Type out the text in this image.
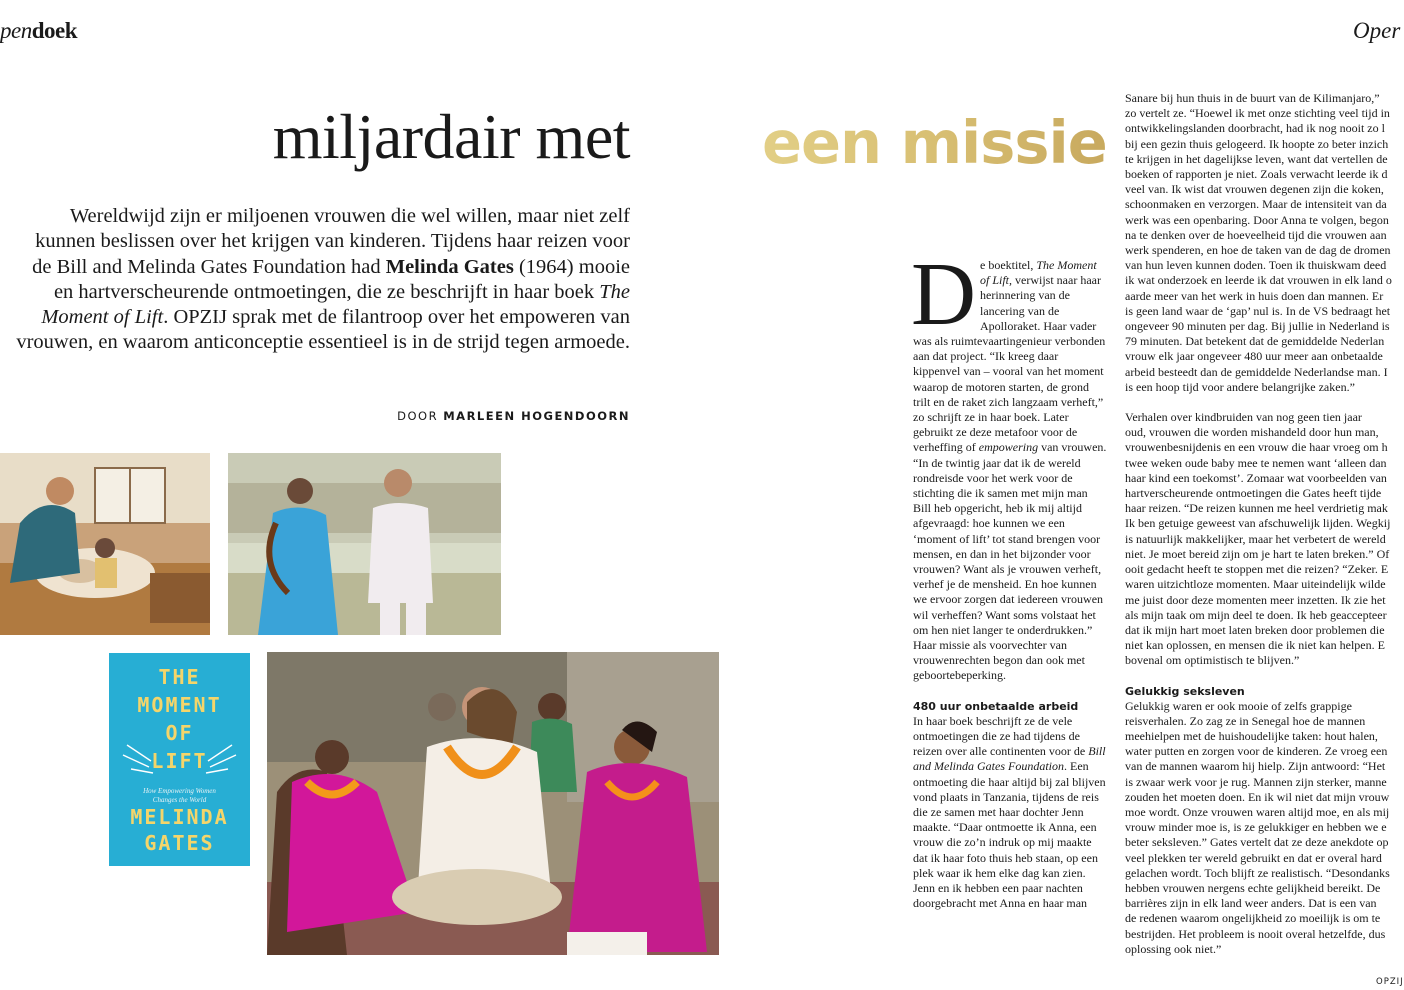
pendoek	Oper
miljardair met een missie
Wereldwijd zijn er miljoenen vrouwen die wel willen, maar niet zelf kunnen beslissen over het krijgen van kinderen. Tijdens haar reizen voor de Bill and Melinda Gates Foundation had Melinda Gates (1964) mooie en hartverscheurende ontmoetingen, die ze beschrijft in haar boek The Moment of Lift. OPZIJ sprak met de filantroop over het empoweren van vrouwen, en waarom anticonceptie essentieel is in de strijd tegen armoede.
DOOR MARLEEN HOGENDOORN
THE
MOMENT
OF
LIFT
How Empowering Women
Changes the World
MELINDA
GATES
D e boektitel, The Moment of Lift, verwijst naar haar herinnering van de lancering van de Apolloraket. Haar vader was als ruimtevaartingenieur verbonden aan dat project. “Ik kreeg daar kippenvel van – vooral van het moment waarop de motoren starten, de grond trilt en de raket zich langzaam verheft,” zo schrijft ze in haar boek. Later gebruikt ze deze metafoor voor de verheffing of empowering van vrouwen. “In de twintig jaar dat ik de wereld rondreisde voor het werk voor de stichting die ik samen met mijn man Bill heb opgericht, heb ik mij altijd afgevraagd: hoe kunnen we een ‘moment of lift’ tot stand brengen voor mensen, en dan in het bijzonder voor vrouwen? Want als je vrouwen verheft, verhef je de mensheid. En hoe kunnen we ervoor zorgen dat iedereen vrouwen wil verheffen? Want soms volstaat het om hen niet langer te onderdrukken.” Haar missie als voorvechter van vrouwenrechten begon dan ook met geboortebeperking.

480 uur onbetaalde arbeid

In haar boek beschrijft ze de vele ontmoetingen die ze had tijdens de reizen over alle continenten voor de Bill and Melinda Gates Foundation. Een ontmoeting die haar altijd bij zal blijven vond plaats in Tanzania, tijdens de reis die ze samen met haar dochter Jenn maakte. “Daar ontmoette ik Anna, een vrouw die zo’n indruk op mij maakte dat ik haar foto thuis heb staan, op een plek waar ik hem elke dag kan zien. Jenn en ik hebben een paar nachten doorgebracht met Anna en haar man

Sanare bij hun thuis in de buurt van de Kilimanjaro,”
zo vertelt ze. “Hoewel ik met onze stichting veel tijd in
ontwikkelingslanden doorbracht, had ik nog nooit zo l
bij een gezin thuis gelogeerd. Ik hoopte zo beter inzich
te krijgen in het dagelijkse leven, want dat vertellen de
boeken of rapporten je niet. Zoals verwacht leerde ik d
veel van. Ik wist dat vrouwen degenen zijn die koken,
schoonmaken en verzorgen. Maar de intensiteit van da
werk was een openbaring. Door Anna te volgen, begon
na te denken over de hoeveelheid tijd die vrouwen aan
werk spenderen, en hoe de taken van de dag de dromen
van hun leven kunnen doden. Toen ik thuiskwam deed
ik wat onderzoek en leerde ik dat vrouwen in elk land o
aarde meer van het werk in huis doen dan mannen. Er
is geen land waar de ‘gap’ nul is. In de VS bedraagt het
ongeveer 90 minuten per dag. Bij jullie in Nederland is
79 minuten. Dat betekent dat de gemiddelde Nederlan
vrouw elk jaar ongeveer 480 uur meer aan onbetaalde
arbeid besteedt dan de gemiddelde Nederlandse man. I
is een hoop tijd voor andere belangrijke zaken.”
Verhalen over kindbruiden van nog geen tien jaar
oud, vrouwen die worden mishandeld door hun man,
vrouwenbesnijdenis en een vrouw die haar vroeg om h
twee weken oude baby mee te nemen want ‘alleen dan
haar kind een toekomst’. Zomaar wat voorbeelden van
hartverscheurende ontmoetingen die Gates heeft tijde
haar reizen. “De reizen kunnen me heel verdrietig mak
Ik ben getuige geweest van afschuwelijk lijden. Wegkij
is natuurlijk makkelijker, maar het verbetert de wereld
niet. Je moet bereid zijn om je hart te laten breken.” Of
ooit gedacht heeft te stoppen met die reizen? “Zeker. E
waren uitzichtloze momenten. Maar uiteindelijk wilde
me juist door deze momenten meer inzetten. Ik zie het
als mijn taak om mijn deel te doen. Ik heb geaccepteer
dat ik mijn hart moet laten breken door problemen die
niet kan oplossen, en mensen die ik niet kan helpen. E
bovenal om optimistisch te blijven.”
Gelukkig seksleven
Gelukkig waren er ook mooie of zelfs grappige
reisverhalen. Zo zag ze in Senegal hoe de mannen
meehielpen met de huishoudelijke taken: hout halen,
water putten en zorgen voor de kinderen. Ze vroeg een
van de mannen waarom hij hielp. Zijn antwoord: “Het
is zwaar werk voor je rug. Mannen zijn sterker, manne
zouden het moeten doen. En ik wil niet dat mijn vrouw
moe wordt. Onze vrouwen waren altijd moe, en als mij
vrouw minder moe is, is ze gelukkiger en hebben we e
beter seksleven.” Gates vertelt dat ze deze anekdote op
veel plekken ter wereld gebruikt en dat er overal hard
gelachen wordt. Toch blijft ze realistisch. “Desondanks
hebben vrouwen nergens echte gelijkheid bereikt. De
barrières zijn in elk land weer anders. Dat is een van
de redenen waarom ongelijkheid zo moeilijk is om te
bestrijden. Het probleem is nooit overal hetzelfde, dus
oplossing ook niet.”
OPZIJ
